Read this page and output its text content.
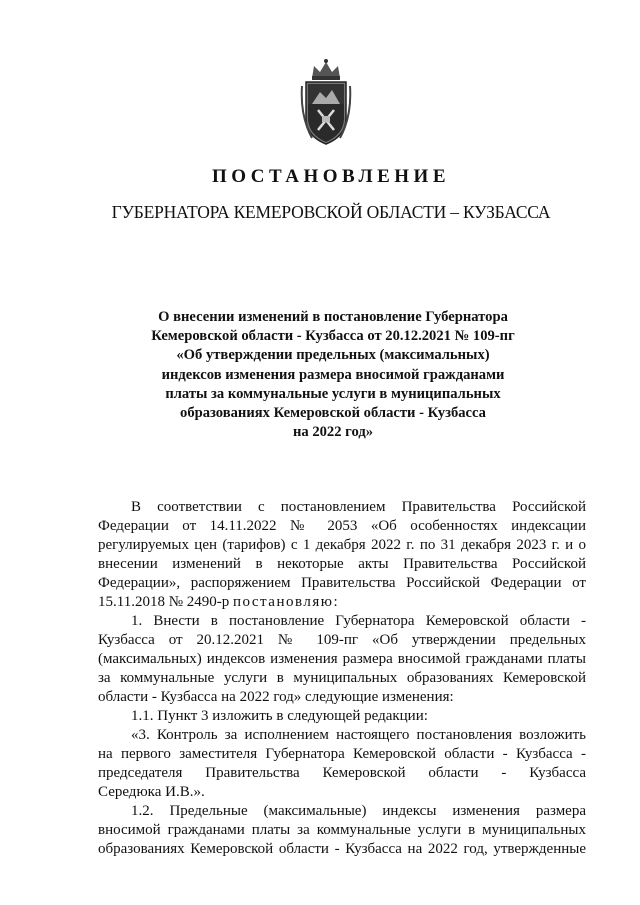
ПОСТАНОВЛЕНИЕ
ГУБЕРНАТОРА КЕМЕРОВСКОЙ ОБЛАСТИ – КУЗБАССА
О внесении изменений в постановление Губернатора
Кемеровской области - Кузбасса от 20.12.2021 № 109-пг
«Об утверждении предельных (максимальных)
индексов изменения размера вносимой гражданами
платы за коммунальные услуги в муниципальных
образованиях Кемеровской области - Кузбасса
на 2022 год»

В соответствии с постановлением Правительства Российской
Федерации от 14.11.2022 № 2053 «Об особенностях индексации
регулируемых цен (тарифов) с 1 декабря 2022 г. по 31 декабря 2023 г. и о
внесении изменений в некоторые акты Правительства Российской
Федерации», распоряжением Правительства Российской Федерации от
15.11.2018 № 2490-р постановляю:

1. Внести в постановление Губернатора Кемеровской области -
Кузбасса от 20.12.2021 № 109-пг «Об утверждении предельных
(максимальных) индексов изменения размера вносимой гражданами платы
за коммунальные услуги в муниципальных образованиях Кемеровской
области - Кузбасса на 2022 год» следующие изменения:

1.1. Пункт 3 изложить в следующей редакции:

«3. Контроль за исполнением настоящего постановления возложить
на первого заместителя Губернатора Кемеровской области - Кузбасса -
председателя Правительства Кемеровской области - Кузбасса
Середюка И.В.».

1.2. Предельные (максимальные) индексы изменения размера
вносимой гражданами платы за коммунальные услуги в муниципальных
образованиях Кемеровской области - Кузбасса на 2022 год, утвержденные
